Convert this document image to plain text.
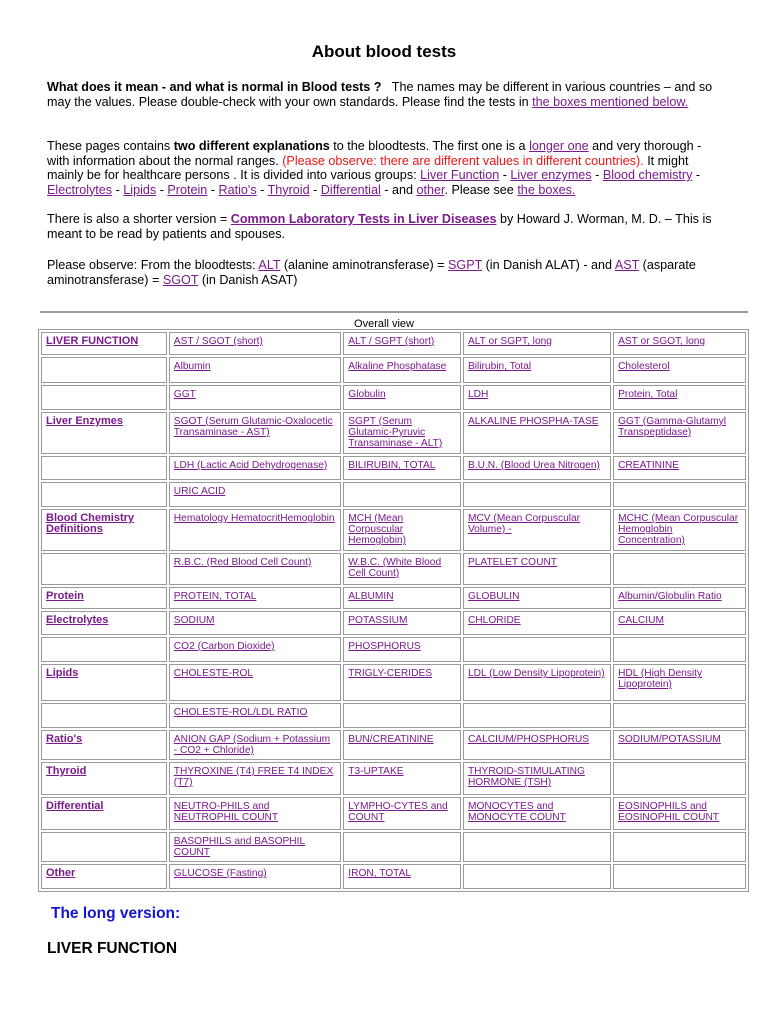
About blood tests

What does it mean - and what is normal in Blood tests ? The names may be different in various countries – and so may the values. Please double-check with your own standards. Please find the tests in the boxes mentioned below.

These pages contains two different explanations to the bloodtests. The first one is a longer one and very thorough - with information about the normal ranges. (Please observe: there are different values in different countries). It might mainly be for healthcare persons . It is divided into various groups: Liver Function - Liver enzymes - Blood chemistry - Electrolytes - Lipids - Protein - Ratio's - Thyroid - Differential - and other. Please see the boxes.

There is also a shorter version = Common Laboratory Tests in Liver Diseases by Howard J. Worman, M. D. – This is meant to be read by patients and spouses.

Please observe: From the bloodtests: ALT (alanine aminotransferase) = SGPT (in Danish ALAT) - and AST (asparate aminotransferase) = SGOT (in Danish ASAT)

Overall view
LIVER FUNCTION	AST / SGOT (short)	ALT / SGPT (short)	ALT or SGPT, long	AST or SGOT, long
	Albumin	Alkaline Phosphatase	Bilirubin, Total	Cholesterol
	GGT	Globulin	LDH	Protein, Total
Liver Enzymes	SGOT (Serum Glutamic-Oxalocetic Transaminase - AST)	SGPT (Serum Glutamic-Pyruvic Transaminase - ALT)	ALKALINE PHOSPHA-TASE	GGT (Gamma-Glutamyl Transpeptidase)
	LDH (Lactic Acid Dehydrogenase)	BILIRUBIN, TOTAL	B.U.N. (Blood Urea Nitrogen)	CREATININE
	URIC ACID			
Blood Chemistry Definitions	Hematology HematocritHemoglobin	MCH (Mean Corpuscular Hemoglobin)	MCV (Mean Corpuscular Volume) -	MCHC (Mean Corpuscular Hemoglobin Concentration)
	R.B.C. (Red Blood Cell Count)	W.B.C. (White Blood Cell Count)	PLATELET COUNT	
Protein	PROTEIN, TOTAL	ALBUMIN	GLOBULIN	Albumin/Globulin Ratio
Electrolytes	SODIUM	POTASSIUM	CHLORIDE	CALCIUM
	CO2 (Carbon Dioxide)	PHOSPHORUS		
Lipids	CHOLESTE-ROL	TRIGLY-CERIDES	LDL (Low Density Lipoprotein)	HDL (High Density Lipoprotein)
	CHOLESTE-ROL/LDL RATIO			
Ratio's	ANION GAP (Sodium + Potassium - CO2 + Chloride)	BUN/CREATININE	CALCIUM/PHOSPHORUS	SODIUM/POTASSIUM
Thyroid	THYROXINE (T4) FREE T4 INDEX (T7)	T3-UPTAKE	THYROID-STIMULATING HORMONE (TSH)	
Differential	NEUTRO-PHILS and NEUTROPHIL COUNT	LYMPHO-CYTES and COUNT	MONOCYTES and MONOCYTE COUNT	EOSINOPHILS and EOSINOPHIL COUNT
	BASOPHILS and BASOPHIL COUNT			
Other	GLUCOSE (Fasting)	IRON, TOTAL		
The long version:
LIVER FUNCTION
